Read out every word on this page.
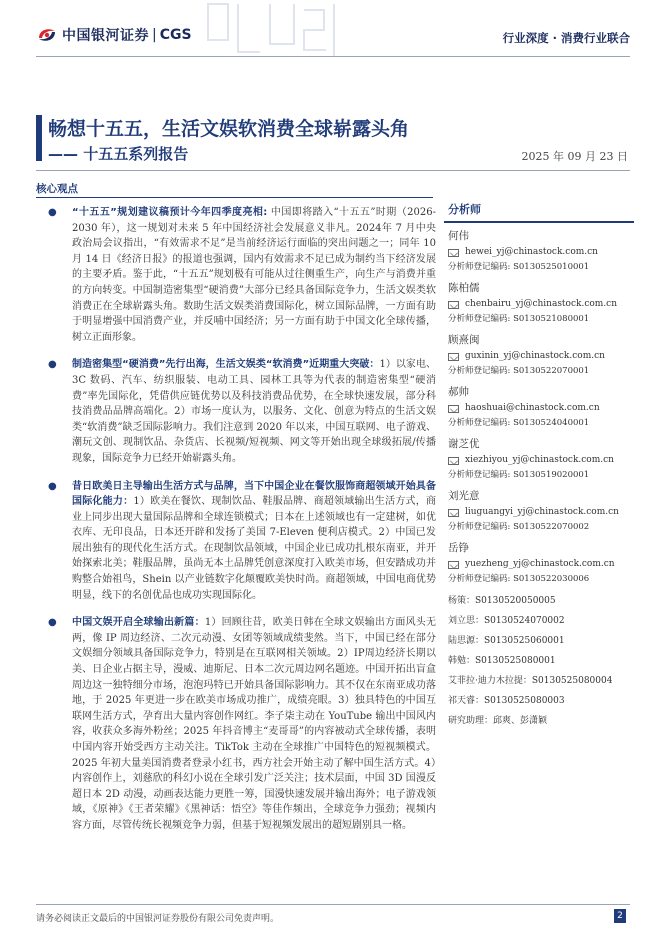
中国银河证券 | CGS	行业深度 · 消费行业联合
畅想十五五，生活文娱软消费全球崭露头角
—— 十五五系列报告	2025 年 09 月 23 日
核心观点
● “十五五”规划建议稿预计今年四季度亮相: 中国即将踏入“十五五”时期（2026-2030 年），这一规划对未来 5 年中国经济社会发展意义非凡。2024年 7 月中央政治局会议指出，“有效需求不足”是当前经济运行面临的突出问题之一；同年 10 月 14 日《经济日报》的报道也强调，国内有效需求不足已成为制约当下经济发展的主要矛盾。鉴于此，“十五五”规划极有可能从过往侧重生产，向生产与消费并重的方向转变。中国制造密集型“硬消费”大部分已经具备国际竞争力，生活文娱类软消费正在全球崭露头角。数助生活文娱类消费国际化，树立国际品牌，一方面有助于明显增强中国消费产业，并反哺中国经济；另一方面有助于中国文化全球传播，树立正面形象。
● 制造密集型“硬消费”先行出海，生活文娱类“软消费”近期重大突破：1）以家电、3C 数码、汽车、纺织服装、电动工具、园林工具等为代表的制造密集型“硬消费”率先国际化，凭借供应链优势以及科技消费品优势，在全球快速发展，部分科技消费品品牌高端化。2）市场一度认为，以服务、文化、创意为特点的生活文娱类“软消费”缺乏国际影响力。我们注意到 2020 年以来，中国互联网、电子游戏、潮玩文创、现制饮品、杂货店、长视频/短视频、网文等开始出现全球级拓展/传播现象，国际竞争力已经开始崭露头角。
● 昔日欧美日主导输出生活方式与品牌，当下中国企业在餐饮服饰商超领域开始具备国际化能力：1）欧美在餐饮、现制饮品、鞋服品牌、商超领域输出生活方式，商业上同步出现大量国际品牌和全球连锁模式；日本在上述领域也有一定建树，如优衣库、无印良品，日本还开辟和发扬了美国 7-Eleven 便利店模式。2）中国已发展出独有的现代化生活方式。在现制饮品领域，中国企业已成功扎根东南亚，并开始探索北美；鞋服品牌，虽尚无本土品牌凭创意深度打入欧美市场，但安踏成功并购整合始祖鸟，Shein 以产业链数字化颠覆欧美快时尚。商超领域，中国电商优势明显，线下的名创优品也成功实现国际化。
● 中国文娱开启全球输出新篇：1）回顾往昔，欧美日韩在全球文娱输出方面风头无两，像 IP 周边经济、二次元动漫、女团等领域成绩斐然。当下，中国已经在部分文娱细分领域具备国际竞争力，特别是在互联网相关领域。2）IP周边经济长期以美、日企业占据主导，漫威、迪斯尼、日本二次元周边网名题迹。中国开拓出盲盒周边这一独特细分市场，泡泡玛特已开始具备国际影响力。其不仅在东南亚成功落地，于 2025 年更进一步在欧美市场成功推广，成绩亮眼。3）独具特色的中国互联网生活方式，孕育出大量内容创作网红。李子柒主动在 YouTube 输出中国风内容，收获众多海外粉丝；2025 年抖音博主“麦哥哥”的内容被动式全球传播，表明中国内容开始受西方主动关注。TikTok 主动在全球推广中国特色的短视频模式。2025 年初大量美国消费者登录小红书，西方社会开始主动了解中国生活方式。4）内容创作上，刘慈欣的科幻小说在全球引发广泛关注；技术层面，中国 3D 国漫反超日本 2D 动漫，动画表达能力更胜一筹，国漫快速发展并输出海外；电子游戏领域，《原神》《王者荣耀》《黑神话：悟空》等佳作频出，全球竞争力强劲；视频内容方面，尽管传统长视频竞争力弱，但基于短视频发展出的超短剧别具一格。
分析师
何伟
hewei_yj@chinastock.com.cn
分析师登记编码: S0130525010001
陈柏儒
chenbairu_yj@chinastock.com.cn
分析师登记编码: S0130521080001
顾熹闽
guxinin_yj@chinastock.com.cn
分析师登记编码: S0130522070001
郝帅
haoshuai@chinastock.com.cn
分析师登记编码: S0130524040001
谢芝优
xiezhiyou_yj@chinastock.com.cn
分析师登记编码: S0130519020001
刘光意
liuguangyi_yj@chinastock.com.cn
分析师登记编码: S0130522070002
岳铮
yuezheng_yj@chinastock.com.cn
分析师登记编码: S0130522030006
杨策：S0130520050005
刘立思：S0130524070002
陆思源：S0130525060001
韩勉：S0130525080001
艾菲拉·迪力木拉提：S0130525080004
祁天睿：S0130525080003
研究助理：邱爽、彭潇颖
请务必阅读正文最后的中国银河证券股份有限公司免责声明。	2
